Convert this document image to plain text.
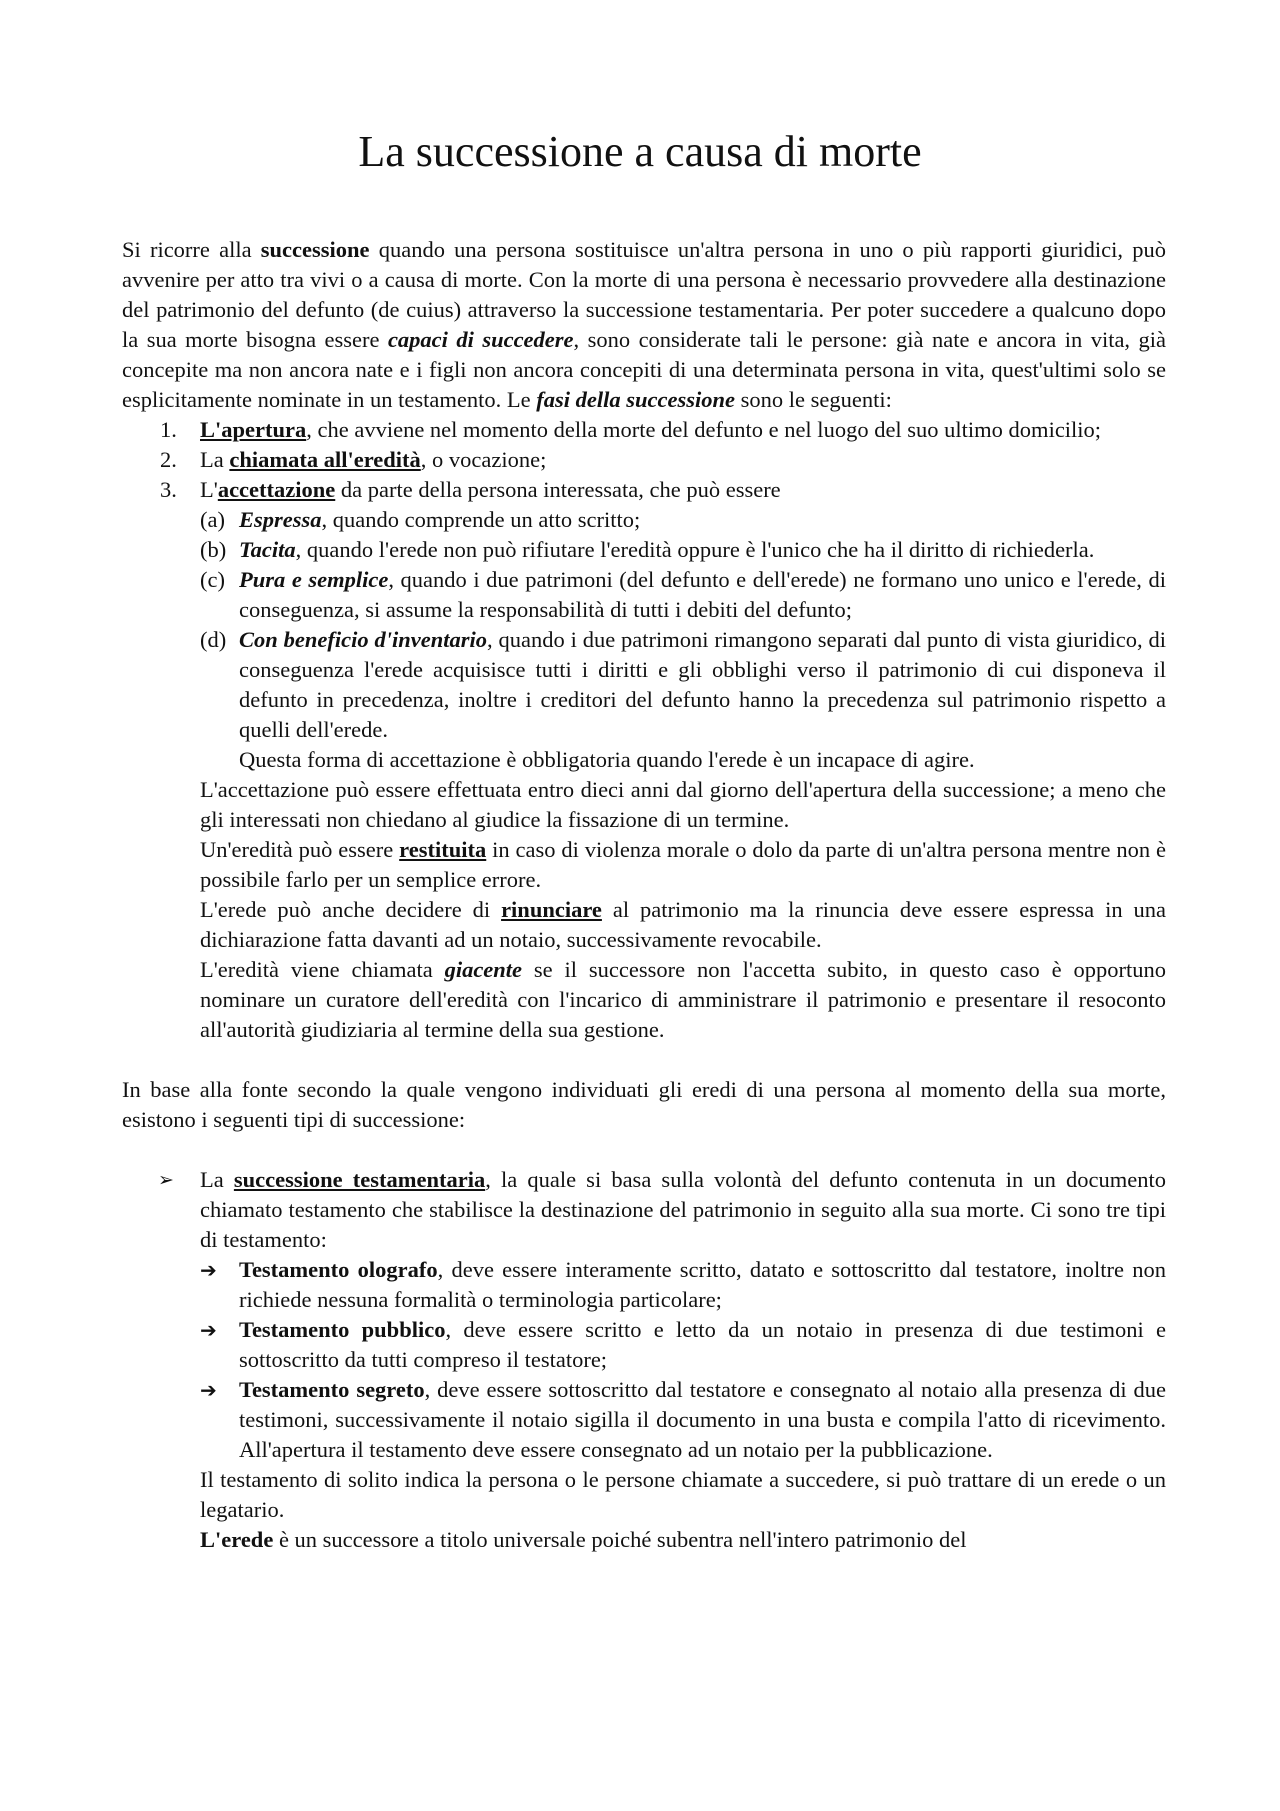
La successione a causa di morte

Si ricorre alla successione quando una persona sostituisce un'altra persona in uno o più rapporti giuridici, può avvenire per atto tra vivi o a causa di morte. Con la morte di una persona è necessario provvedere alla destinazione del patrimonio del defunto (de cuius) attraverso la successione testamentaria. Per poter succedere a qualcuno dopo la sua morte bisogna essere capaci di succedere, sono considerate tali le persone: già nate e ancora in vita, già concepite ma non ancora nate e i figli non ancora concepiti di una determinata persona in vita, quest'ultimi solo se esplicitamente nominate in un testamento. Le fasi della successione sono le seguenti:

1. L'apertura, che avviene nel momento della morte del defunto e nel luogo del suo ultimo domicilio;
2. La chiamata all'eredità, o vocazione;
3. L'accettazione da parte della persona interessata, che può essere
(a) Espressa, quando comprende un atto scritto;
(b) Tacita, quando l'erede non può rifiutare l'eredità oppure è l'unico che ha il diritto di richiederla.
(c) Pura e semplice, quando i due patrimoni (del defunto e dell'erede) ne formano uno unico e l'erede, di conseguenza, si assume la responsabilità di tutti i debiti del defunto;
(d) Con beneficio d'inventario, quando i due patrimoni rimangono separati dal punto di vista giuridico, di conseguenza l'erede acquisisce tutti i diritti e gli obblighi verso il patrimonio di cui disponeva il defunto in precedenza, inoltre i creditori del defunto hanno la precedenza sul patrimonio rispetto a quelli dell'erede.
Questa forma di accettazione è obbligatoria quando l'erede è un incapace di agire.

L'accettazione può essere effettuata entro dieci anni dal giorno dell'apertura della successione; a meno che gli interessati non chiedano al giudice la fissazione di un termine.

Un'eredità può essere restituita in caso di violenza morale o dolo da parte di un'altra persona mentre non è possibile farlo per un semplice errore.

L'erede può anche decidere di rinunciare al patrimonio ma la rinuncia deve essere espressa in una dichiarazione fatta davanti ad un notaio, successivamente revocabile.

L'eredità viene chiamata giacente se il successore non l'accetta subito, in questo caso è opportuno nominare un curatore dell'eredità con l'incarico di amministrare il patrimonio e presentare il resoconto all'autorità giudiziaria al termine della sua gestione.

In base alla fonte secondo la quale vengono individuati gli eredi di una persona al momento della sua morte, esistono i seguenti tipi di successione:

➢ La successione testamentaria, la quale si basa sulla volontà del defunto contenuta in un documento chiamato testamento che stabilisce la destinazione del patrimonio in seguito alla sua morte. Ci sono tre tipi di testamento:
➔ Testamento olografo, deve essere interamente scritto, datato e sottoscritto dal testatore, inoltre non richiede nessuna formalità o terminologia particolare;
➔ Testamento pubblico, deve essere scritto e letto da un notaio in presenza di due testimoni e sottoscritto da tutti compreso il testatore;
➔ Testamento segreto, deve essere sottoscritto dal testatore e consegnato al notaio alla presenza di due testimoni, successivamente il notaio sigilla il documento in una busta e compila l'atto di ricevimento. All'apertura il testamento deve essere consegnato ad un notaio per la pubblicazione.

Il testamento di solito indica la persona o le persone chiamate a succedere, si può trattare di un erede o un legatario.

L'erede è un successore a titolo universale poiché subentra nell'intero patrimonio del
